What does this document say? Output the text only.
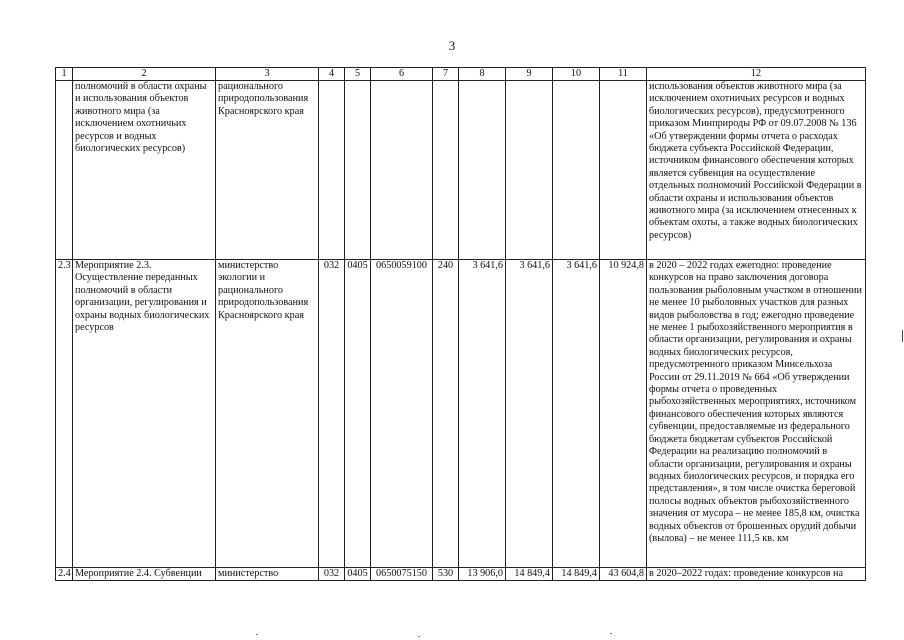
3
1	2	3	4	5	6	7	8	9	10	11	12
	полномочий в области охраны и использования объектов животного мира (за исключением охотничьих ресурсов и водных биологических ресурсов)	рационального природопользования Красноярского края									использования объектов животного мира (за исключением охотничьих ресурсов и водных биологических ресурсов), предусмотренного приказом Минприроды РФ от 09.07.2008 № 136 «Об утверждении формы отчета о расходах бюджета субъекта Российской Федерации, источником финансового обеспечения которых является субвенция на осуществление отдельных полномочий Российской Федерации в области охраны и использования объектов животного мира (за исключением отнесенных к объектам охоты, а также водных биологических ресурсов)
2.3	Мероприятие 2.3. Осуществление переданных полномочий в области организации, регулирования и охраны водных биологических ресурсов	министерство экологии и рационального природопользования Красноярского края	032	0405	0650059100	240	3 641,6	3 641,6	3 641,6	10 924,8	в 2020 – 2022 годах ежегодно: проведение конкурсов на право заключения договора пользования рыболовным участком в отношении не менее 10 рыболовных участков для разных видов рыболовства в год; ежегодно проведение не менее 1 рыбохозяйственного мероприятия в области организации, регулирования и охраны водных биологических ресурсов, предусмотренного приказом Минсельхоза России от 29.11.2019 № 664 «Об утверждении формы отчета о проведенных рыбохозяйственных мероприятиях, источником финансового обеспечения которых являются субвенции, предоставляемые из федерального бюджета бюджетам субъектов Российской Федерации на реализацию полномочий в области организации, регулирования и охраны водных биологических ресурсов, и порядка его представления», в том числе очистка береговой полосы водных объектов рыбохозяйственного значения от мусора – не менее 185,8 км, очистка водных объектов от брошенных орудий добычи (вылова) – не менее 111,5 кв. км
2.4	Мероприятие 2.4. Субвенции	министерство	032	0405	0650075150	530	13 906,0	14 849,4	14 849,4	43 604,8	в 2020–2022 годах: проведение конкурсов на
